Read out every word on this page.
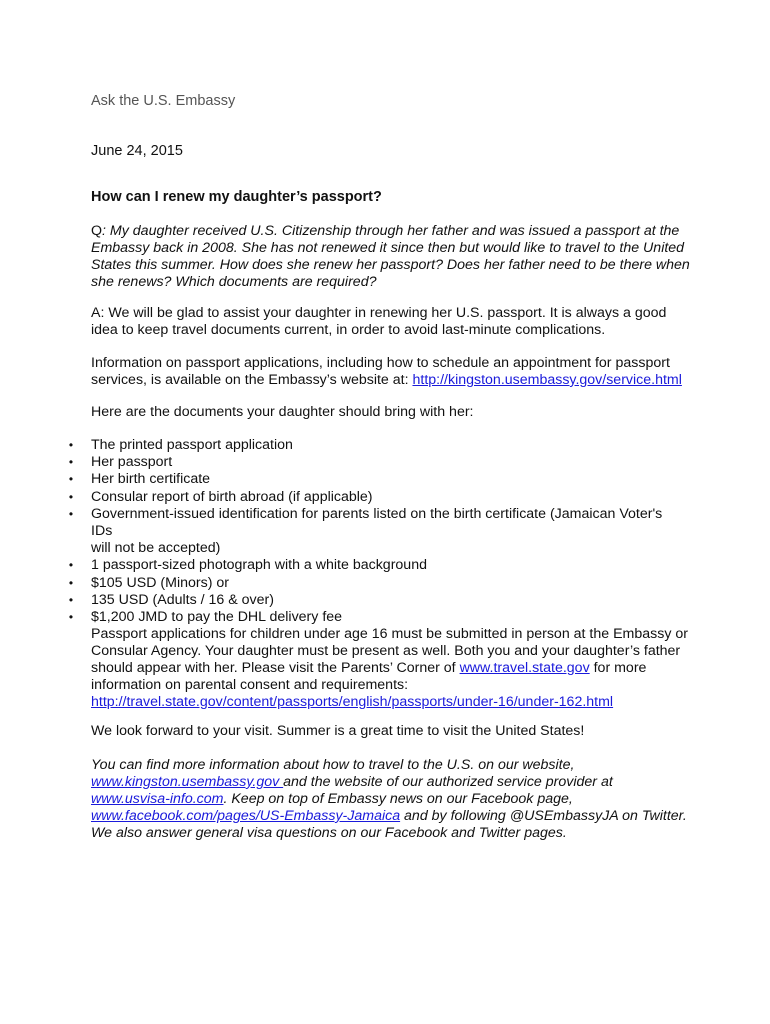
Ask the U.S. Embassy
June 24, 2015
How can I renew my daughter’s passport?

Q: My daughter received U.S. Citizenship through her father and was issued a passport at the

Embassy back in 2008. She has not renewed it since then but would like to travel to the United

States this summer. How does she renew her passport? Does her father need to be there when

she renews? Which documents are required?

A: We will be glad to assist your daughter in renewing her U.S. passport. It is always a good

idea to keep travel documents current, in order to avoid last-minute complications.

Information on passport applications, including how to schedule an appointment for passport

services, is available on the Embassy’s website at: http://kingston.usembassy.gov/service.html

Here are the documents your daughter should bring with her:
• The printed passport application
• Her passport
• Her birth certificate
• Consular report of birth abroad (if applicable)
• Government-issued identification for parents listed on the birth certificate (Jamaican Voter's IDs
will not be accepted)
• 1 passport-sized photograph with a white background
• $105 USD (Minors) or
• 135 USD (Adults / 16 & over)
• $1,200 JMD to pay the DHL delivery fee

Passport applications for children under age 16 must be submitted in person at the Embassy or

Consular Agency. Your daughter must be present as well. Both you and your daughter’s father

should appear with her. Please visit the Parents’ Corner of www.travel.state.gov for more

information on parental consent and requirements:

http://travel.state.gov/content/passports/english/passports/under-16/under-162.html

We look forward to your visit. Summer is a great time to visit the United States!

You can find more information about how to travel to the U.S. on our website,

www.kingston.usembassy.gov and the website of our authorized service provider at

www.usvisa-info.com. Keep on top of Embassy news on our Facebook page,

www.facebook.com/pages/US-Embassy-Jamaica and by following @USEmbassyJA on Twitter.

We also answer general visa questions on our Facebook and Twitter pages.
